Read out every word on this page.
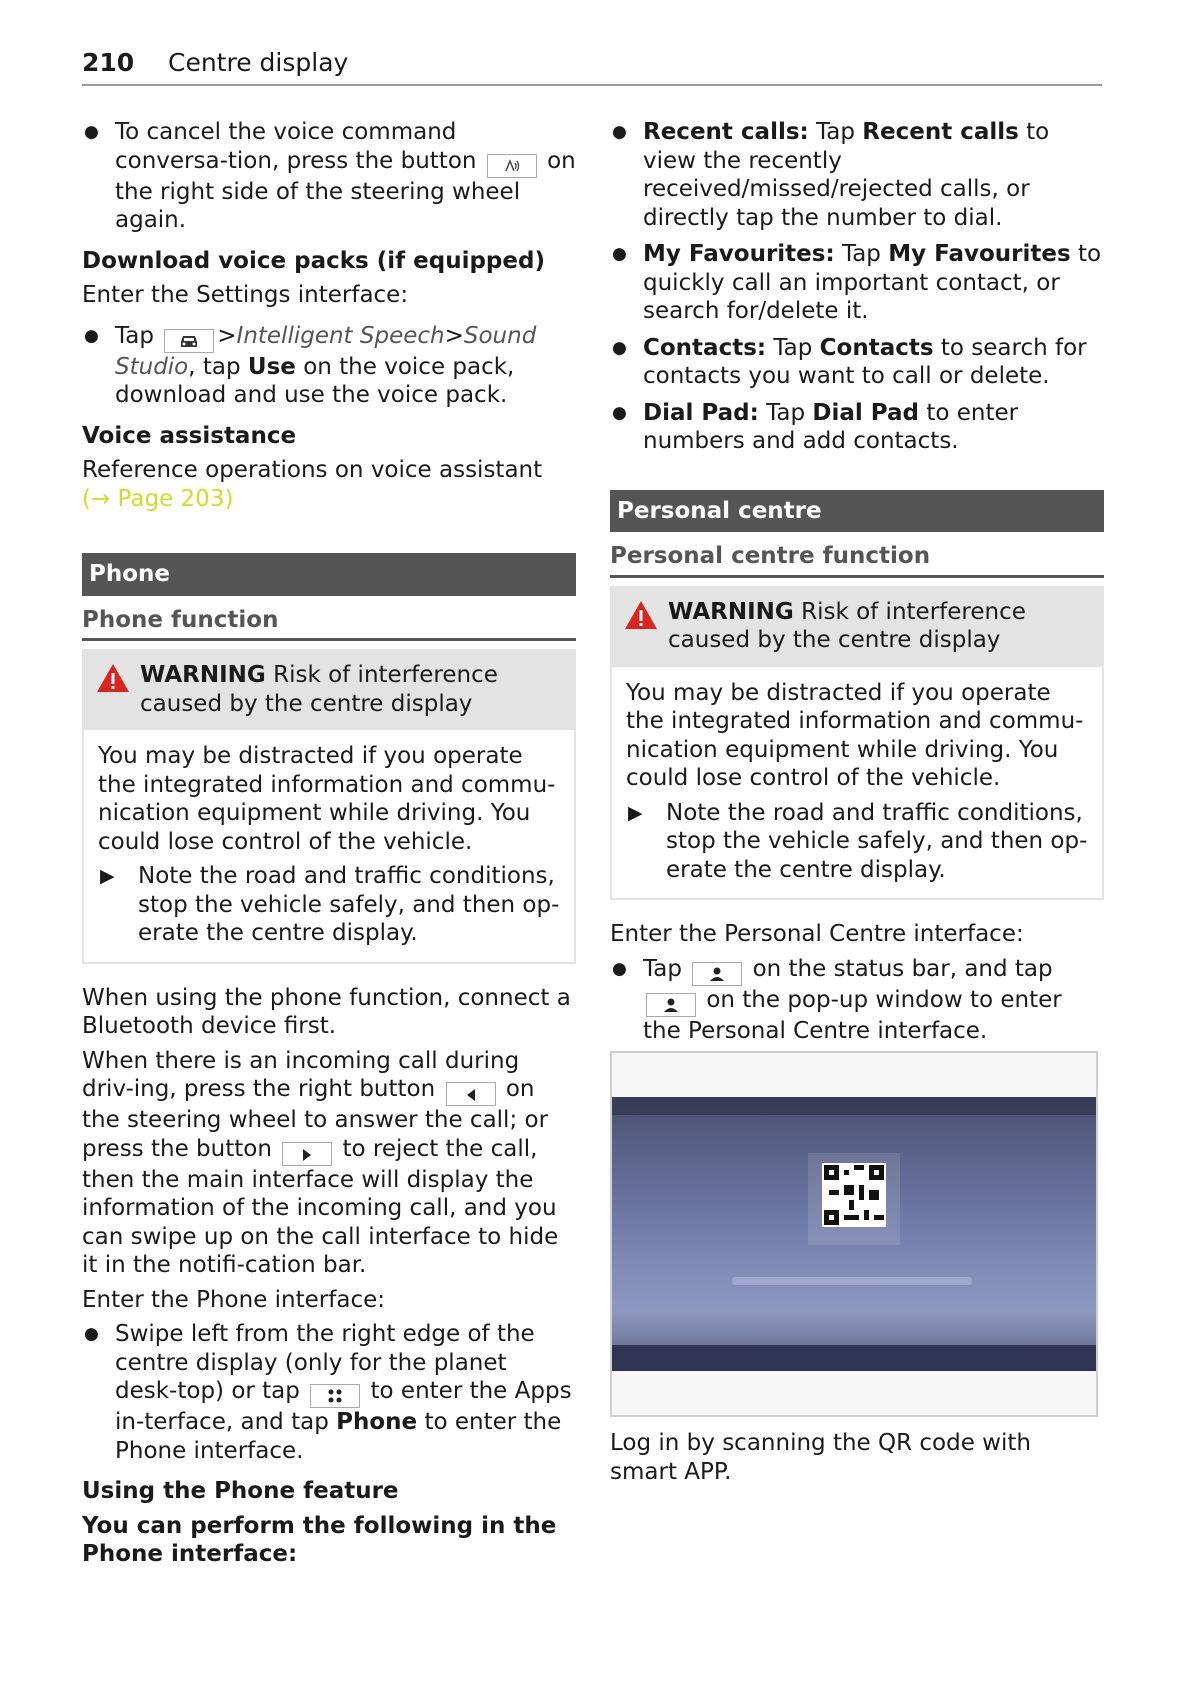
210 Centre display

● To cancel the voice command conversa-tion, press the button	on the right side of the steering wheel again.

Download voice packs (if equipped)

Enter the Settings interface:

● Tap	>Intelligent Speech>Sound Studio, tap Use on the voice pack, download and use the voice pack.

Voice assistance

Reference operations on voice assistant
(→ Page 203)

Phone
Phone function
WARNING Risk of interference caused by the centre display

You may be distracted if you operate the integrated information and commu-nication equipment while driving. You could lose control of the vehicle.

▶ Note the road and traffic conditions, stop the vehicle safely, and then op-erate the centre display.

When using the phone function, connect a Bluetooth device first.

When there is an incoming call during driv-ing, press the right button	on the steering wheel to answer the call; or press the button	to reject the call, then the main interface will display the information of the incoming call, and you can swipe up on the call interface to hide it in the notifi-cation bar.

Enter the Phone interface:

● Swipe left from the right edge of the centre display (only for the planet desk-top) or tap	to enter the Apps in-terface, and tap Phone to enter the Phone interface.

Using the Phone feature

You can perform the following in the Phone interface:

● Recent calls: Tap Recent calls to view the recently received/missed/rejected calls, or directly tap the number to dial.

● My Favourites: Tap My Favourites to quickly call an important contact, or search for/delete it.

● Contacts: Tap Contacts to search for contacts you want to call or delete.

● Dial Pad: Tap Dial Pad to enter numbers and add contacts.

Personal centre
Personal centre function
WARNING Risk of interference caused by the centre display

You may be distracted if you operate the integrated information and commu-nication equipment while driving. You could lose control of the vehicle.

▶ Note the road and traffic conditions, stop the vehicle safely, and then op-erate the centre display.

Enter the Personal Centre interface:

● Tap	on the status bar, and tap
on the pop-up window to enter the Personal Centre interface.

Log in by scanning the QR code with smart APP.
